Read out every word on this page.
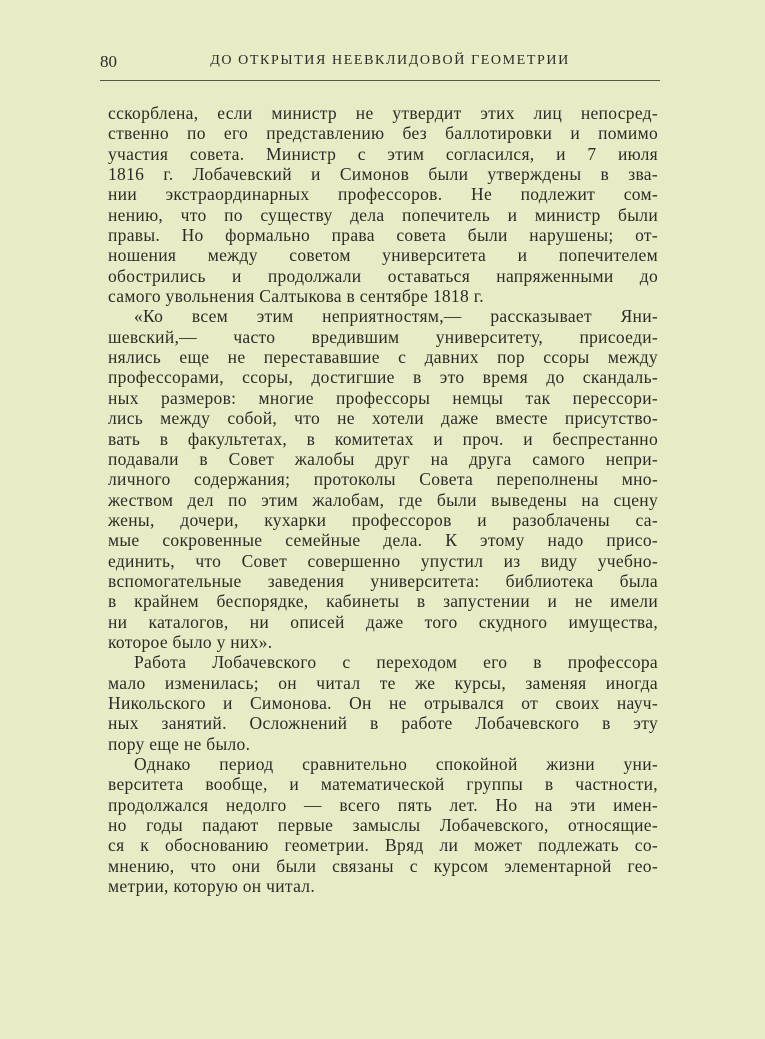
80	ДО ОТКРЫТИЯ НЕЕВКЛИДОВОЙ ГЕОМЕТРИИ
сскорблена, если министр не утвердит этих лиц непосред-
ственно по его представлению без баллотировки и помимо
участия совета. Министр с этим согласился, и 7 июля
1816 г. Лобачевский и Симонов были утверждены в зва-
нии экстраординарных профессоров. Не подлежит сом-
нению, что по существу дела попечитель и министр были
правы. Но формально права совета были нарушены; от-
ношения между советом университета и попечителем
обострились и продолжали оставаться напряженными до
самого увольнения Салтыкова в сентябре 1818 г.
«Ко всем этим неприятностям,— рассказывает Яни-
шевский,— часто вредившим университету, присоеди-
нялись еще не перестававшие с давних пор ссоры между
профессорами, ссоры, достигшие в это время до скандаль-
ных размеров: многие профессоры немцы так перессори-
лись между собой, что не хотели даже вместе присутство-
вать в факультетах, в комитетах и проч. и беспрестанно
подавали в Совет жалобы друг на друга самого непри-
личного содержания; протоколы Совета переполнены мно-
жеством дел по этим жалобам, где были выведены на сцену
жены, дочери, кухарки профессоров и разоблачены са-
мые сокровенные семейные дела. К этому надо присо-
единить, что Совет совершенно упустил из виду учебно-
вспомогательные заведения университета: библиотека была
в крайнем беспорядке, кабинеты в запустении и не имели
ни каталогов, ни описей даже того скудного имущества,
которое было у них».
Работа Лобачевского с переходом его в профессора
мало изменилась; он читал те же курсы, заменяя иногда
Никольского и Симонова. Он не отрывался от своих науч-
ных занятий. Осложнений в работе Лобачевского в эту
пору еще не было.
Однако период сравнительно спокойной жизни уни-
верситета вообще, и математической группы в частности,
продолжался недолго — всего пять лет. Но на эти имен-
но годы падают первые замыслы Лобачевского, относящие-
ся к обоснованию геометрии. Вряд ли может подлежать со-
мнению, что они были связаны с курсом элементарной гео-
метрии, которую он читал.
